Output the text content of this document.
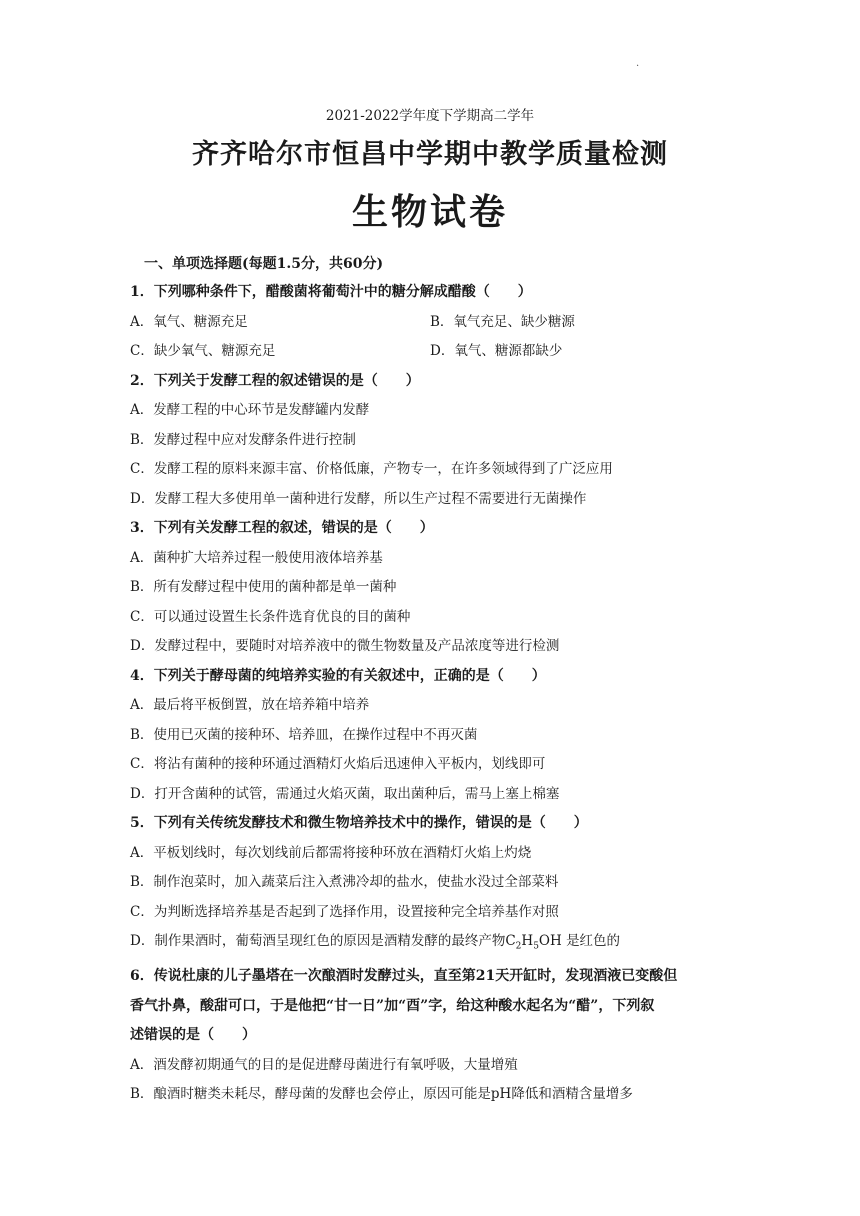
.
2021-2022学年度下学期高二学年
齐齐哈尔市恒昌中学期中教学质量检测
生物试卷
一、单项选择题(每题1.5分，共60分)
1．下列哪种条件下，醋酸菌将葡萄汁中的糖分解成醋酸（　　）
A．氧气、糖源充足	B．氧气充足、缺少糖源
C．缺少氧气、糖源充足	D．氧气、糖源都缺少
2．下列关于发酵工程的叙述错误的是（　　）
A．发酵工程的中心环节是发酵罐内发酵
B．发酵过程中应对发酵条件进行控制
C．发酵工程的原料来源丰富、价格低廉，产物专一，在许多领域得到了广泛应用
D．发酵工程大多使用单一菌种进行发酵，所以生产过程不需要进行无菌操作
3．下列有关发酵工程的叙述，错误的是（　　）
A．菌种扩大培养过程一般使用液体培养基
B．所有发酵过程中使用的菌种都是单一菌种
C．可以通过设置生长条件选育优良的目的菌种
D．发酵过程中，要随时对培养液中的微生物数量及产品浓度等进行检测
4．下列关于酵母菌的纯培养实验的有关叙述中，正确的是（　　）
A．最后将平板倒置，放在培养箱中培养
B．使用已灭菌的接种环、培养皿，在操作过程中不再灭菌
C．将沾有菌种的接种环通过酒精灯火焰后迅速伸入平板内，划线即可
D．打开含菌种的试管，需通过火焰灭菌，取出菌种后，需马上塞上棉塞
5．下列有关传统发酵技术和微生物培养技术中的操作，错误的是（　　）
A．平板划线时，每次划线前后都需将接种环放在酒精灯火焰上灼烧
B．制作泡菜时，加入蔬菜后注入煮沸冷却的盐水，使盐水没过全部菜料
C．为判断选择培养基是否起到了选择作用，设置接种完全培养基作对照
D．制作果酒时，葡萄酒呈现红色的原因是酒精发酵的最终产物$C_2H_5OH$ 是红色的
6．传说杜康的儿子墨塔在一次酿酒时发酵过头，直至第21天开缸时，发现酒液已变酸但
香气扑鼻，酸甜可口，于是他把“甘一日”加“酉”字，给这种酸水起名为“醋”，下列叙
述错误的是（　　）
A．酒发酵初期通气的目的是促进酵母菌进行有氧呼吸，大量增殖
B．酿酒时糖类未耗尽，酵母菌的发酵也会停止，原因可能是pH降低和酒精含量增多
